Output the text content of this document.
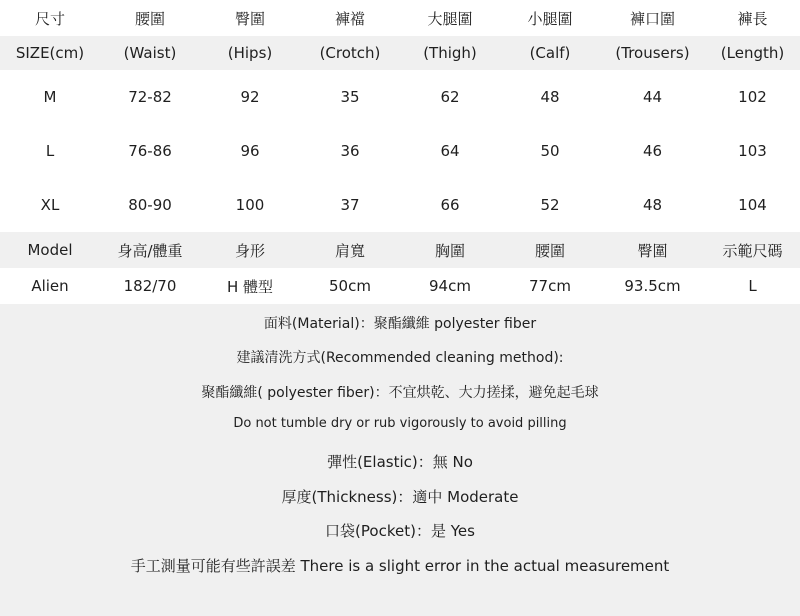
尺寸	腰圍	臀圍	褲襠	大腿圍	小腿圍	褲口圍	褲長
SIZE(cm)	(Waist)	(Hips)	(Crotch)	(Thigh)	(Calf)	(Trousers)	(Length)
M	72-82	92	35	62	48	44	102
L	76-86	96	36	64	50	46	103
XL	80-90	100	37	66	52	48	104
Model	身高/體重	身形	肩寬	胸圍	腰圍	臀圍	示範尺碼
Alien	182/70	H 體型	50cm	94cm	77cm	93.5cm	L
面料(Material)：聚酯纖維 polyester fiber
建議清洗方式(Recommended cleaning method):
聚酯纖維( polyester fiber)：不宜烘乾、大力搓揉，避免起毛球
Do not tumble dry or rub vigorously to avoid pilling
彈性(Elastic)：無 No
厚度(Thickness)：適中 Moderate
口袋(Pocket)：是 Yes
手工測量可能有些許誤差 There is a slight error in the actual measurement
